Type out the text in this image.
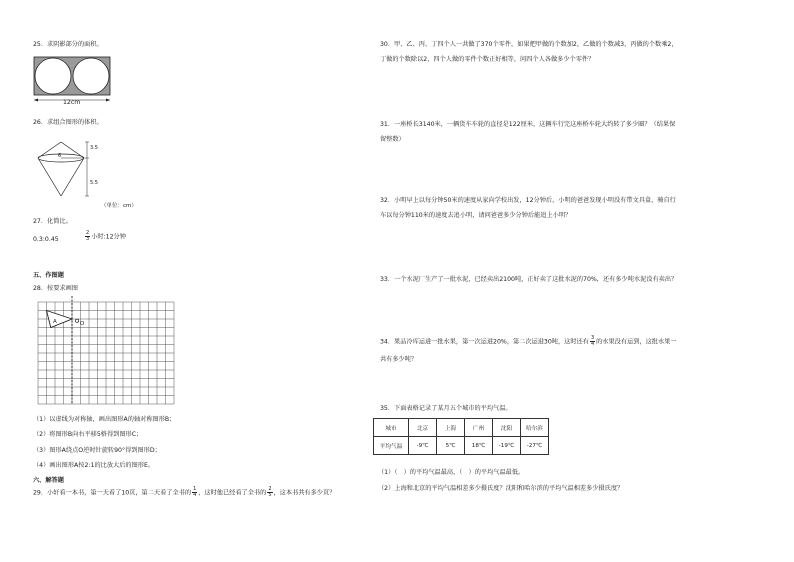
25．求阴影部分的面积。
12cm
26．求组合图形的体积。
6
3.5
5.5
（单位：cm）
27．化简比。
0.3:0.45	$\frac{2}{3}$ 小时:12分钟
五、作图题
28．按要求画图
A	O
（1）以虚线为对称轴，画出图形A的轴对称图形B；
（2）将图形B向右平移5格得到图形C；
（3）图形A绕点O逆时针旋转90°得到图形D；
（4）画出图形A按2:1的比放大后的图形E。
六、解答题
29．小轩看一本书，第一天看了10页，第二天看了全书的 $\frac{1}{4}$ ，这时他已经看了全书的 $\frac{2}{5}$ ，这本书共有多少页？
30．甲、乙、丙、丁四个人一共做了370个零件，如果把甲做的个数加2，乙做的个数减3，丙做的个数乘2，
丁做的个数除以2，四个人做的零件个数正好相等，问四个人各做多少个零件？
31．一座桥长3140米，一辆货车车轮的直径是122厘米，这辆车行完这座桥车轮大约转了多少圈？（结果保
留整数）
32．小明早上以每分钟50米的速度从家向学校出发，12分钟后，小明的爸爸发现小明没有带文具盒，骑自行
车以每分钟110米的速度去追小明，请问爸爸多少分钟后能追上小明？
33．一个水泥厂生产了一批水泥，已经卖出2100吨，正好卖了这批水泥的70%，还有多少吨水泥没有卖出？
34．果品冷库运进一批水果，第一次运进20%，第二次运进30吨，这时还有 $\frac{3}{4}$ 的水果没有运到，这批水果一
共有多少吨？
35．下面表格记录了某月五个城市的平均气温。
城市	北京	上海	广州	沈阳	哈尔滨
平均气温	-9℃	5℃	18℃	-19℃	-27℃
（1）（　）的平均气温最高，（　）的平均气温最低。
（2）上海和北京的平均气温相差多少摄氏度？沈阳和哈尔滨的平均气温相差多少摄氏度？
